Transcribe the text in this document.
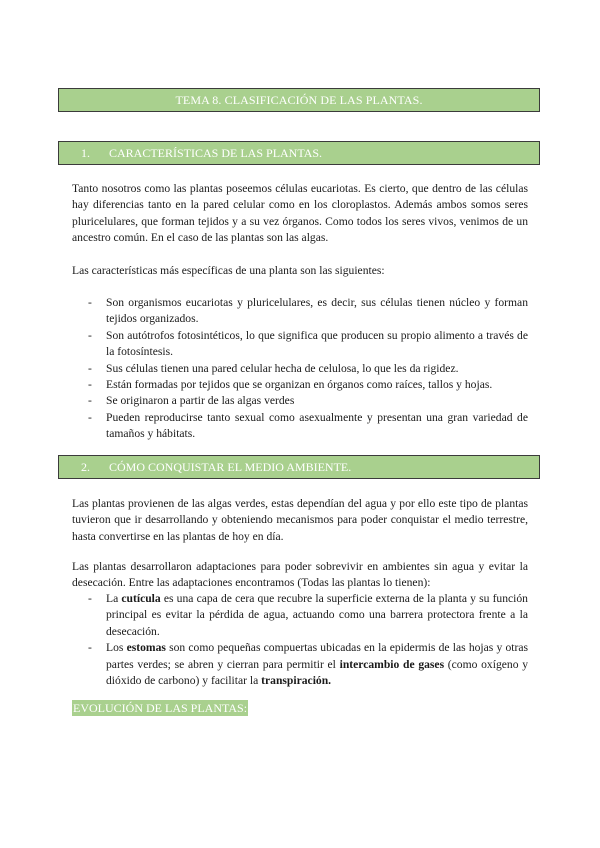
TEMA 8. CLASIFICACIÓN DE LAS PLANTAS.
1.	CARACTERÍSTICAS DE LAS PLANTAS.

Tanto nosotros como las plantas poseemos células eucariotas. Es cierto, que dentro de las células hay diferencias tanto en la pared celular como en los cloroplastos. Además ambos somos seres pluricelulares, que forman tejidos y a su vez órganos. Como todos los seres vivos, venimos de un ancestro común. En el caso de las plantas son las algas.

Las características más específicas de una planta son las siguientes:

- Son organismos eucariotas y pluricelulares, es decir, sus células tienen núcleo y forman tejidos organizados.
- Son autótrofos fotosintéticos, lo que significa que producen su propio alimento a través de la fotosíntesis.
- Sus células tienen una pared celular hecha de celulosa, lo que les da rigidez.
- Están formadas por tejidos que se organizan en órganos como raíces, tallos y hojas.
- Se originaron a partir de las algas verdes
- Pueden reproducirse tanto sexual como asexualmente y presentan una gran variedad de tamaños y hábitats.
2.	CÓMO CONQUISTAR EL MEDIO AMBIENTE.

Las plantas provienen de las algas verdes, estas dependían del agua y por ello este tipo de plantas tuvieron que ir desarrollando y obteniendo mecanismos para poder conquistar el medio terrestre, hasta convertirse en las plantas de hoy en día.

Las plantas desarrollaron adaptaciones para poder sobrevivir en ambientes sin agua y evitar la desecación. Entre las adaptaciones encontramos (Todas las plantas lo tienen):

- La cutícula es una capa de cera que recubre la superficie externa de la planta y su función principal es evitar la pérdida de agua, actuando como una barrera protectora frente a la desecación.
- Los estomas son como pequeñas compuertas ubicadas en la epidermis de las hojas y otras partes verdes; se abren y cierran para permitir el intercambio de gases (como oxígeno y dióxido de carbono) y facilitar la transpiración.
EVOLUCIÓN DE LAS PLANTAS:
